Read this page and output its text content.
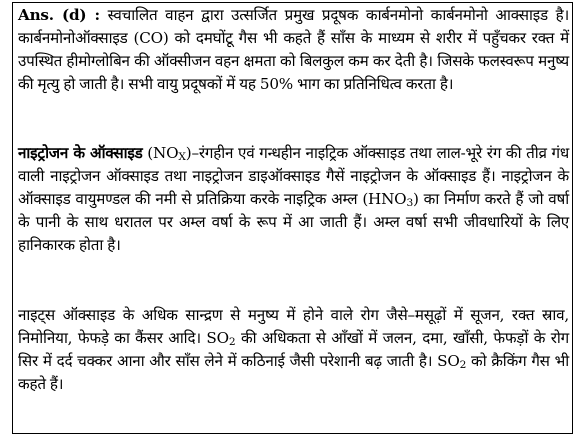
Ans. (d) : स्वचालित वाहन द्वारा उत्सर्जित प्रमुख प्रदूषक कार्बनमोनो कार्बनमोनो आक्साइड है। कार्बनमोनोऑक्साइड (CO) को दमघोंटू गैस भी कहते हैं साँस के माध्यम से शरीर में पहुँचकर रक्त में उपस्थित हीमोग्लोबिन की ऑक्सीजन वहन क्षमता को बिलकुल कम कर देती है। जिसके फलस्वरूप मनुष्य की मृत्यु हो जाती है। सभी वायु प्रदूषकों में यह 50% भाग का प्रतिनिधित्व करता है।

नाइट्रोजन के ऑक्साइड $(NO_X)-रंगहीन$ एवं गन्धहीन नाइट्रिक ऑक्साइड तथा लाल-भूरे रंग की तीव्र गंध वाली नाइट्रोजन ऑक्साइड तथा नाइट्रोजन डाइऑक्साइड गैसें नाइट्रोजन के ऑक्साइड हैं। नाइट्रोजन के ऑक्साइड वायुमण्डल की नमी से प्रतिक्रिया करके नाइट्रिक अम्ल $(HNO_3)$ का निर्माण करते हैं जो वर्षा के पानी के साथ धरातल पर अम्ल वर्षा के रूप में आ जाती हैं। अम्ल वर्षा सभी जीवधारियों के लिए हानिकारक होता है।

नाइट्स ऑक्साइड के अधिक सान्द्रण से मनुष्य में होने वाले रोग जैसे–मसूढ़ों में सूजन, रक्त स्राव, निमोनिया, फेफड़े का कैंसर आदि। $SO_2$ की अधिकता से आँखों में जलन, दमा, खाँसी, फेफड़ों के रोग सिर में दर्द चक्कर आना और साँस लेने में कठिनाई जैसी परेशानी बढ़ जाती है। $SO_2$ को क्रैकिंग गैस भी कहते हैं।
